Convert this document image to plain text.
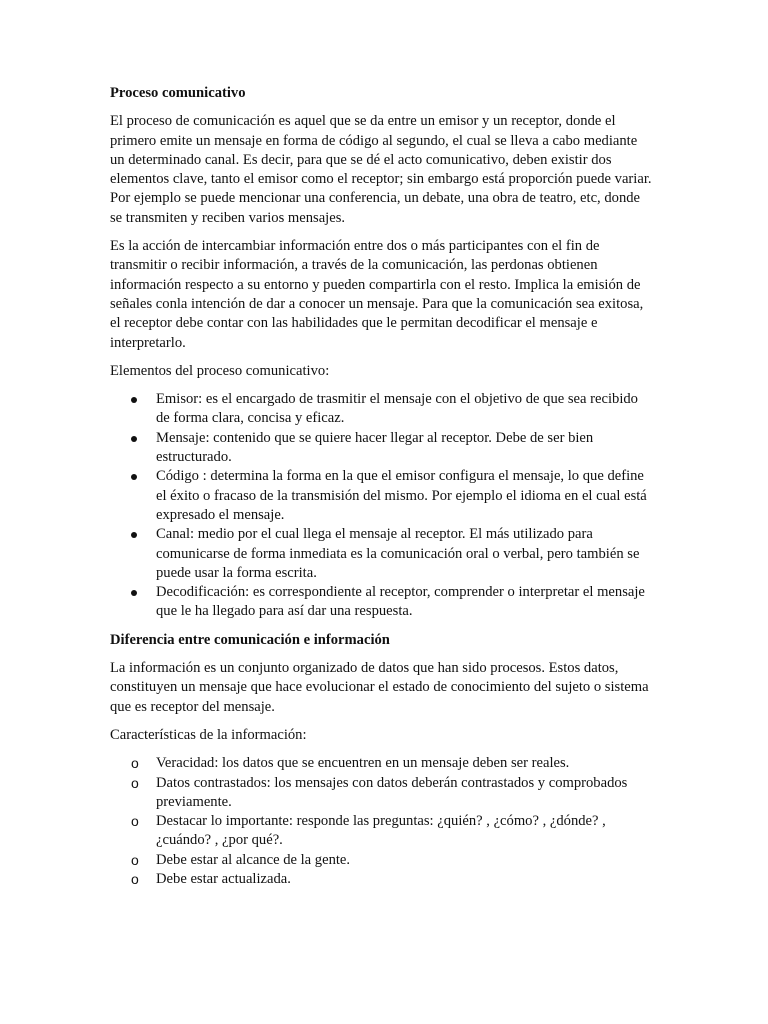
Proceso comunicativo
El proceso de comunicación es aquel que se da entre un emisor y un receptor, donde el primero emite un mensaje en forma de código al segundo, el cual se lleva a cabo mediante un determinado canal. Es decir, para que se dé el acto comunicativo, deben existir dos elementos clave, tanto el emisor como el receptor; sin embargo está proporción puede variar. Por ejemplo se puede mencionar una conferencia, un debate, una obra de teatro, etc, donde se transmiten y reciben varios mensajes.
Es la acción de intercambiar información entre dos o más participantes con el fin de transmitir o recibir información, a través de la comunicación, las perdonas obtienen información respecto a su entorno y pueden compartirla con el resto. Implica la emisión de señales conla intención de dar a conocer un mensaje. Para que la comunicación sea exitosa, el receptor debe contar con las habilidades que le permitan decodificar el mensaje e interpretarlo.
Elementos del proceso comunicativo:
Emisor: es el encargado de trasmitir el mensaje con el objetivo de que sea recibido de forma clara, concisa y eficaz.
Mensaje: contenido que se quiere hacer llegar al receptor. Debe de ser bien estructurado.
Código : determina la forma en la que el emisor configura el mensaje, lo que define el éxito o fracaso de la transmisión del mismo. Por ejemplo el idioma en el cual está expresado el mensaje.
Canal: medio por el cual llega el mensaje al receptor. El más utilizado para comunicarse de forma inmediata es la comunicación oral o verbal, pero también se puede usar la forma escrita.
Decodificación: es correspondiente al receptor, comprender o interpretar el mensaje que le ha llegado para así dar una respuesta.
Diferencia entre comunicación e información
La información es un conjunto organizado de datos que han sido procesos. Estos datos, constituyen un mensaje que hace evolucionar el estado de conocimiento del sujeto o sistema que es receptor del mensaje.
Características de la información:
o Veracidad: los datos que se encuentren en un mensaje deben ser reales.
o Datos contrastados: los mensajes con datos deberán contrastados y comprobados previamente.
o Destacar lo importante: responde las preguntas: ¿quién? , ¿cómo? , ¿dónde? , ¿cuándo? , ¿por qué?.
o Debe estar al alcance de la gente.
o Debe estar actualizada.
